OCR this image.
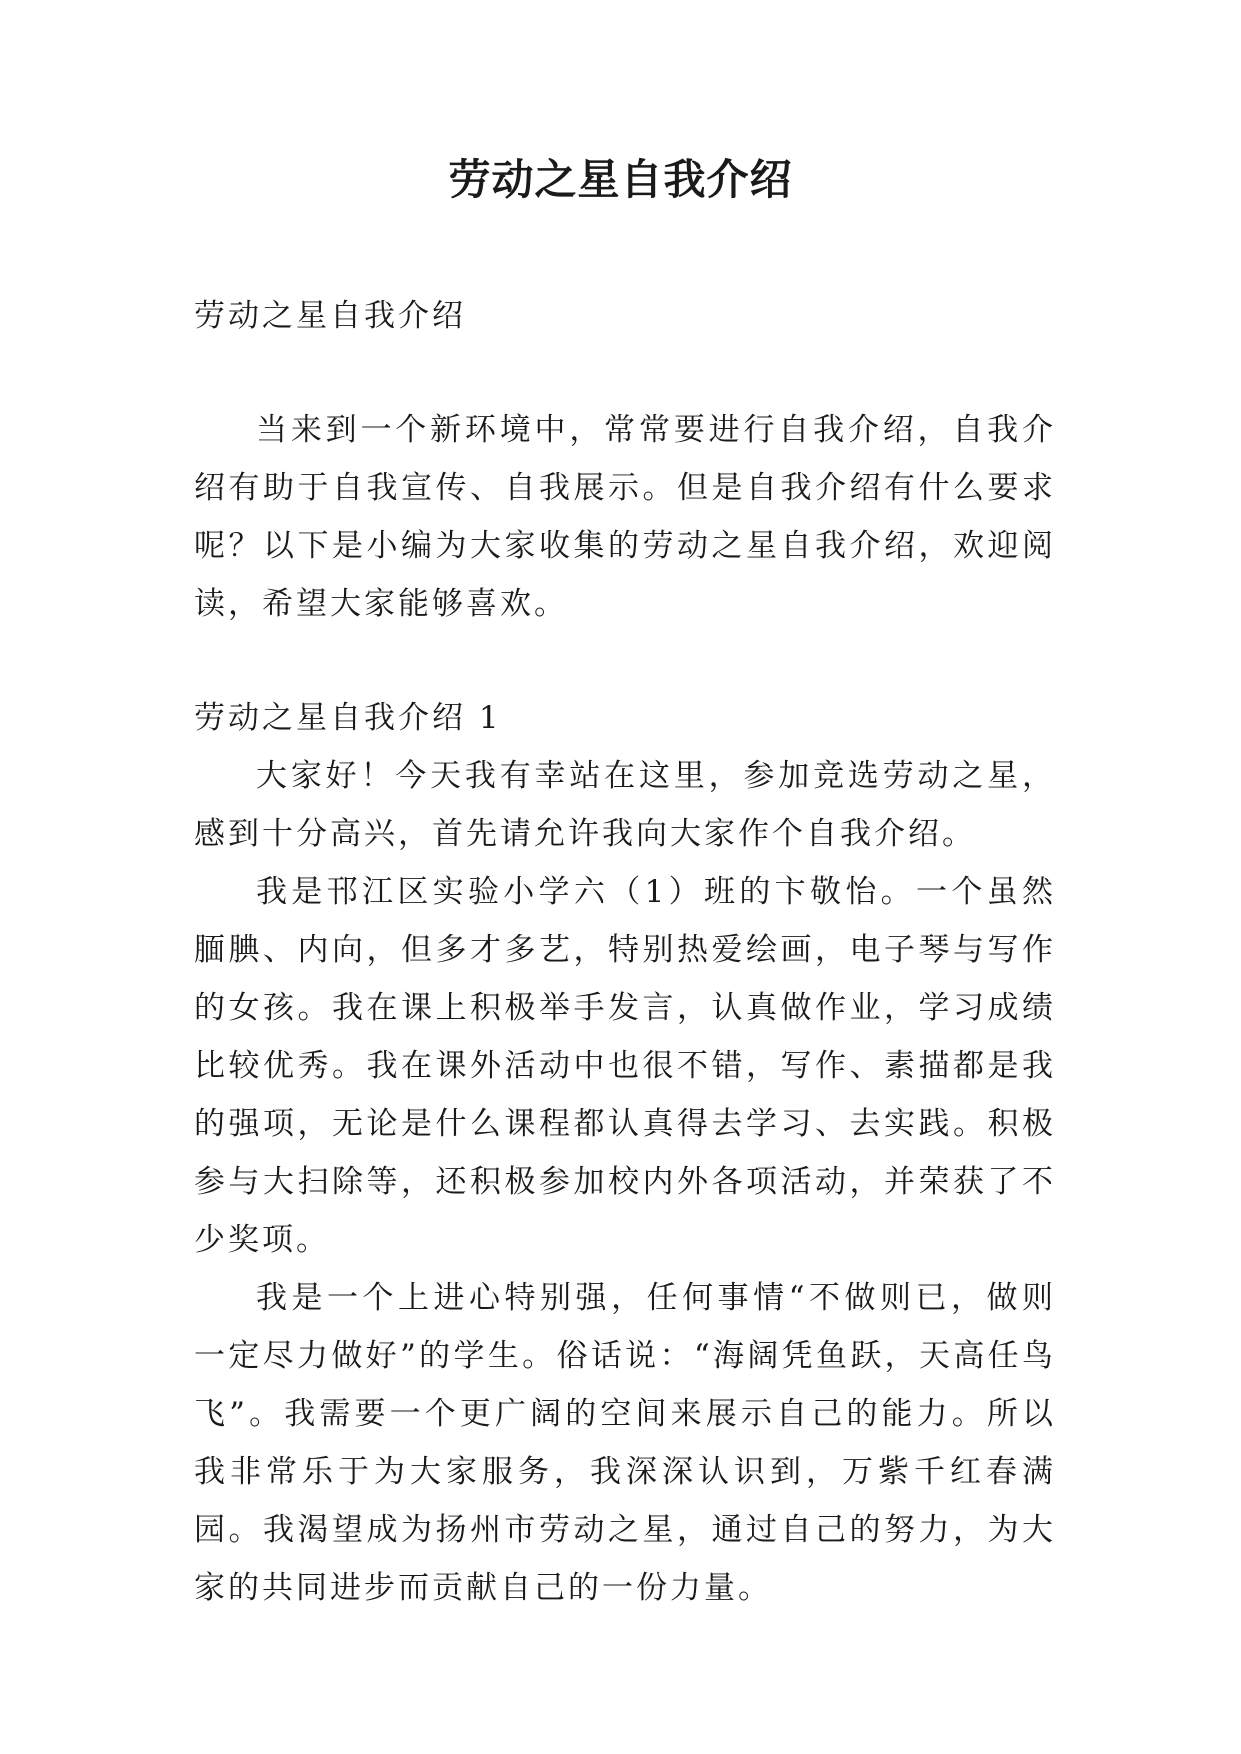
劳动之星自我介绍

劳动之星自我介绍

当来到一个新环境中，常常要进行自我介绍，自我介绍有助于自我宣传、自我展示。但是自我介绍有什么要求呢？以下是小编为大家收集的劳动之星自我介绍，欢迎阅读，希望大家能够喜欢。

劳动之星自我介绍 1

大家好！今天我有幸站在这里，参加竞选劳动之星，感到十分高兴，首先请允许我向大家作个自我介绍。

我是邗江区实验小学六（1）班的卞敬怡。一个虽然腼腆、内向，但多才多艺，特别热爱绘画，电子琴与写作的女孩。我在课上积极举手发言，认真做作业，学习成绩比较优秀。我在课外活动中也很不错，写作、素描都是我的强项，无论是什么课程都认真得去学习、去实践。积极参与大扫除等，还积极参加校内外各项活动，并荣获了不少奖项。

我是一个上进心特别强，任何事情“不做则已，做则一定尽力做好”的学生。俗话说：“海阔凭鱼跃，天高任鸟飞”。我需要一个更广阔的空间来展示自己的能力。所以我非常乐于为大家服务，我深深认识到，万紫千红春满园。我渴望成为扬州市劳动之星，通过自己的努力，为大家的共同进步而贡献自己的一份力量。
